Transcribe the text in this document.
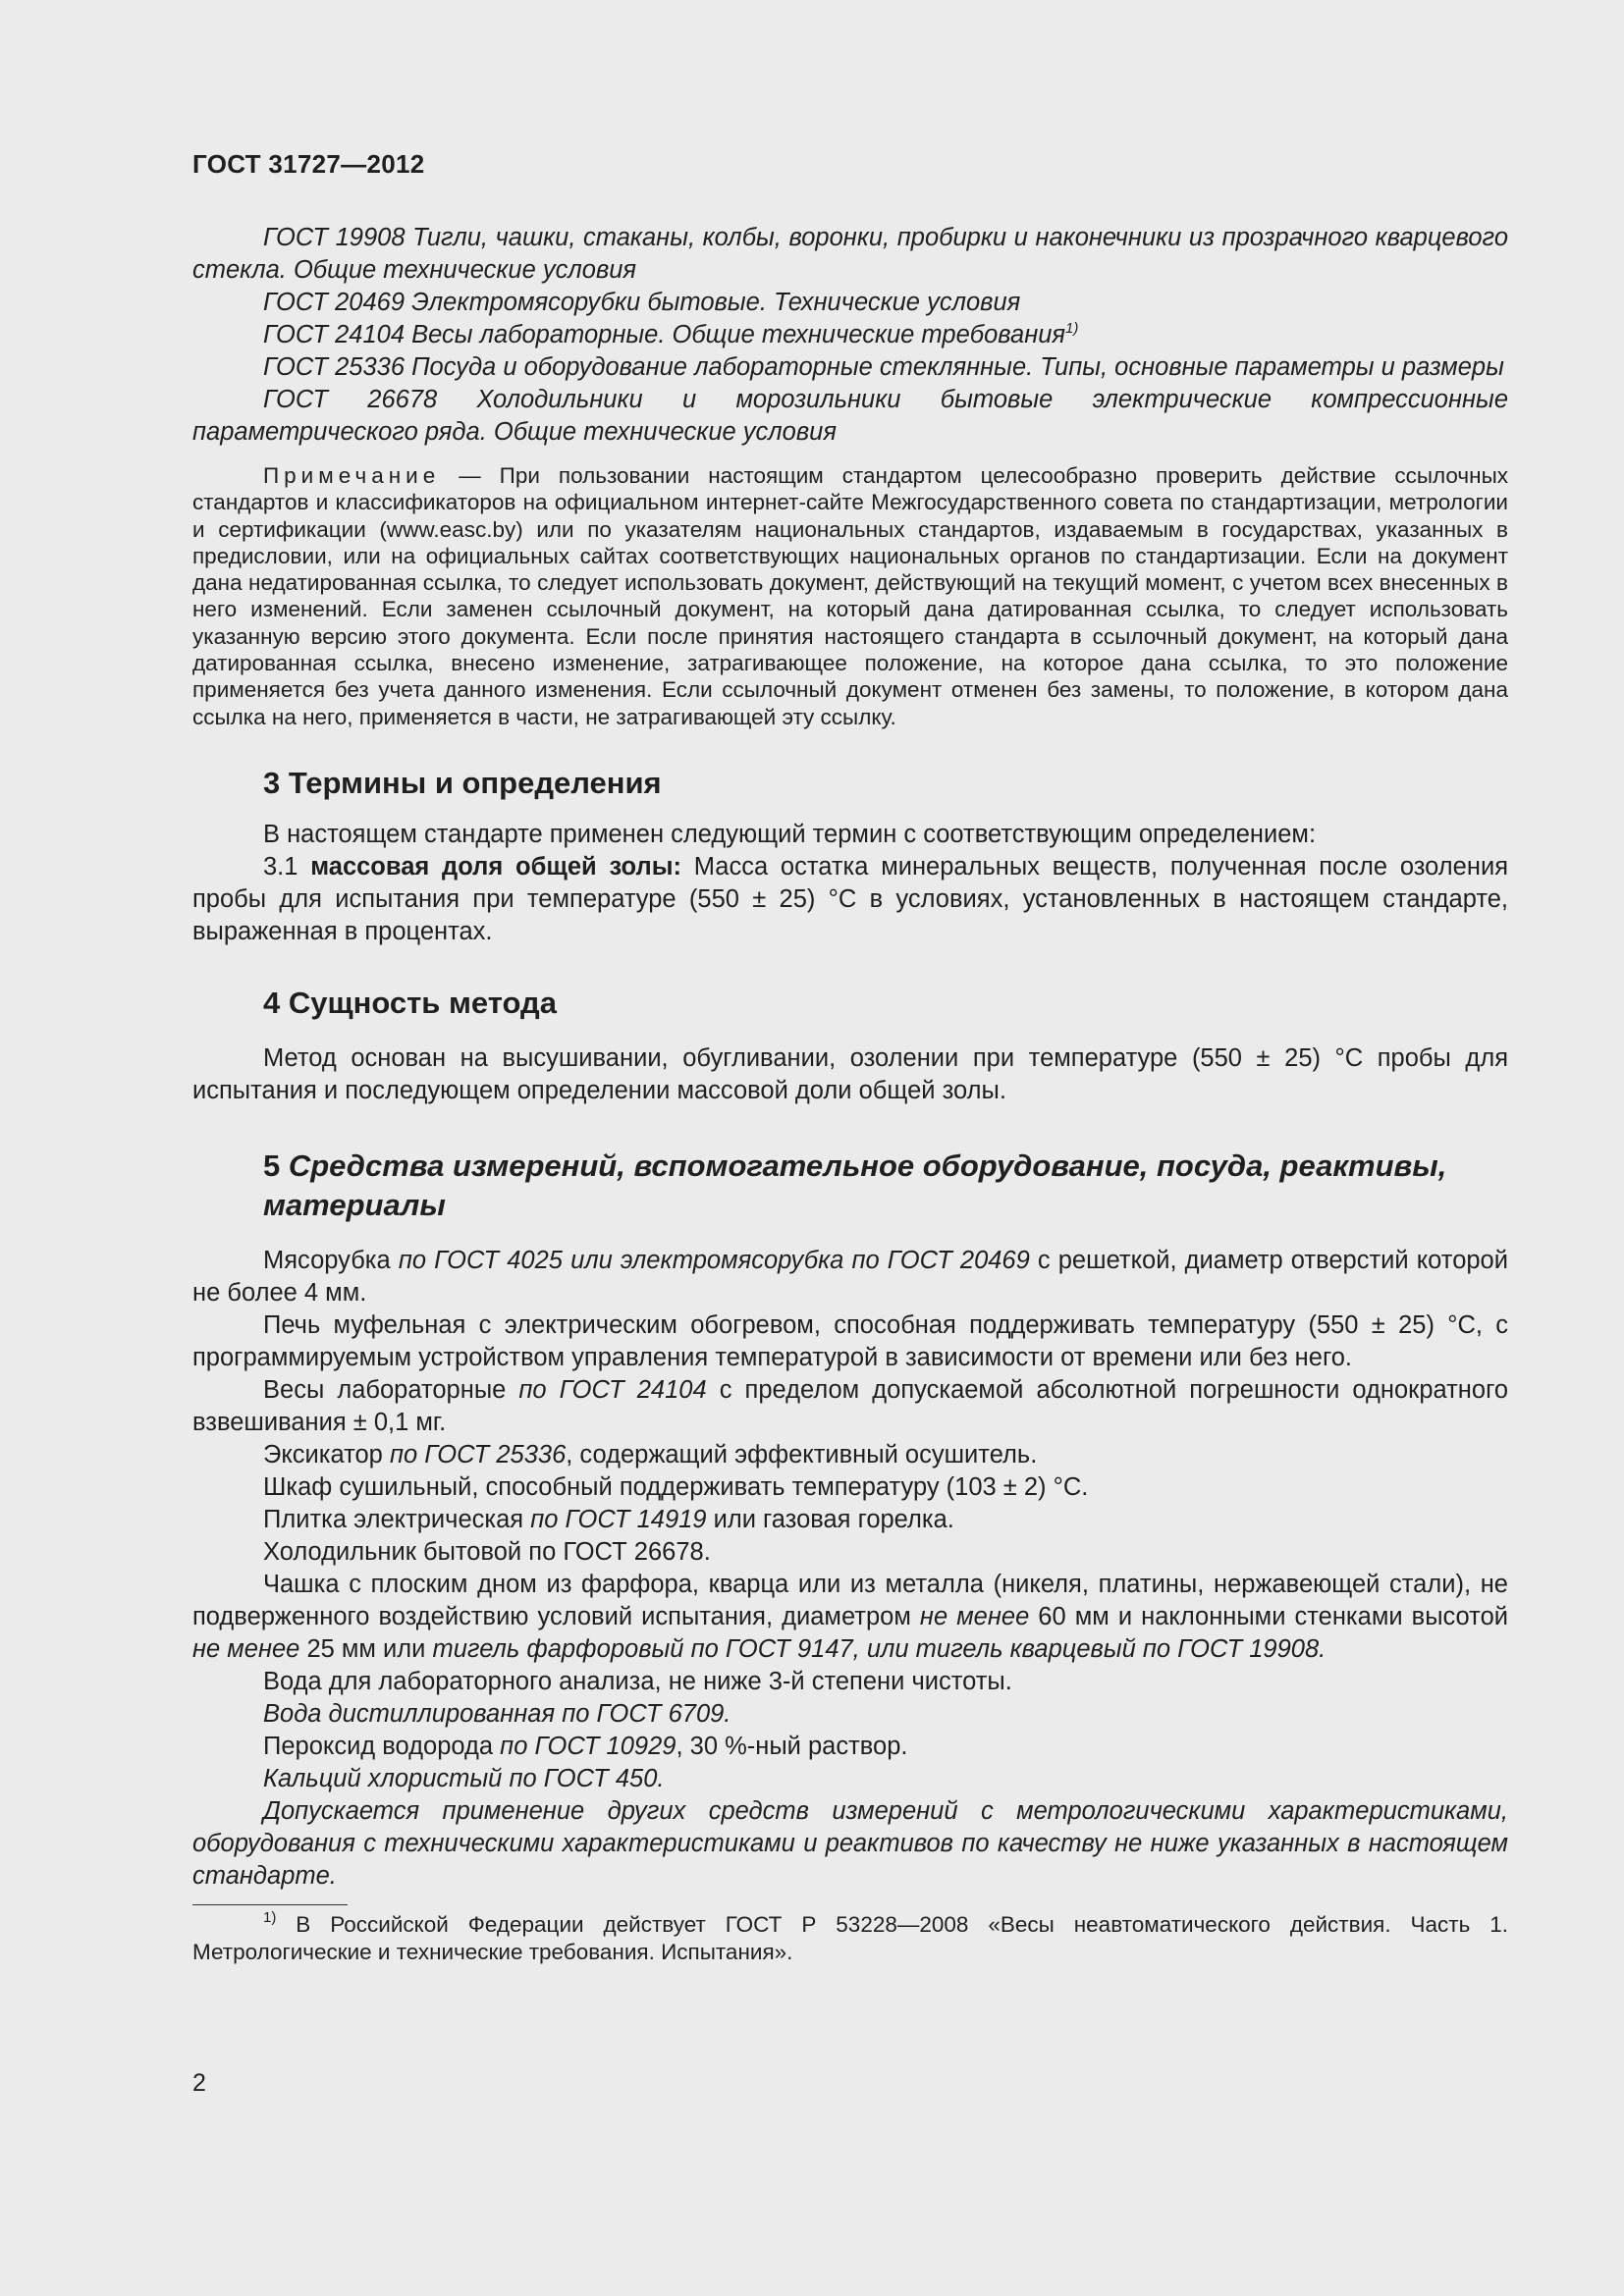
ГОСТ 31727—2012

ГОСТ 19908 Тигли, чашки, стаканы, колбы, воронки, пробирки и наконечники из прозрачного кварцевого стекла. Общие технические условия

ГОСТ 20469 Электромясорубки бытовые. Технические условия

ГОСТ 24104 Весы лабораторные. Общие технические требования$^{1)}$

ГОСТ 25336 Посуда и оборудование лабораторные стеклянные. Типы, основные параметры и размеры

ГОСТ 26678 Холодильники и морозильники бытовые электрические компрессионные параметрического ряда. Общие технические условия

Примечание — При пользовании настоящим стандартом целесообразно проверить действие ссылочных стандартов и классификаторов на официальном интернет-сайте Межгосударственного совета по стандартизации, метрологии и сертификации (www.easc.by) или по указателям национальных стандартов, издаваемым в государствах, указанных в предисловии, или на официальных сайтах соответствующих национальных органов по стандартизации. Если на документ дана недатированная ссылка, то следует использовать документ, действующий на текущий момент, с учетом всех внесенных в него изменений. Если заменен ссылочный документ, на который дана датированная ссылка, то следует использовать указанную версию этого документа. Если после принятия настоящего стандарта в ссылочный документ, на который дана датированная ссылка, внесено изменение, затрагивающее положение, на которое дана ссылка, то это положение применяется без учета данного изменения. Если ссылочный документ отменен без замены, то положение, в котором дана ссылка на него, применяется в части, не затрагивающей эту ссылку.

3 Термины и определения

В настоящем стандарте применен следующий термин с соответствующим определением:

3.1 массовая доля общей золы: Масса остатка минеральных веществ, полученная после озоления пробы для испытания при температуре (550 ± 25) °С в условиях, установленных в настоящем стандарте, выраженная в процентах.

4 Сущность метода

Метод основан на высушивании, обугливании, озолении при температуре (550 ± 25) °С пробы для испытания и последующем определении массовой доли общей золы.

5 Средства измерений, вспомогательное оборудование, посуда, реактивы, материалы

Мясорубка по ГОСТ 4025 или электромясорубка по ГОСТ 20469 с решеткой, диаметр отверстий которой не более 4 мм.

Печь муфельная с электрическим обогревом, способная поддерживать температуру (550 ± 25) °С, с программируемым устройством управления температурой в зависимости от времени или без него.

Весы лабораторные по ГОСТ 24104 с пределом допускаемой абсолютной погрешности однократного взвешивания ± 0,1 мг.

Эксикатор по ГОСТ 25336, содержащий эффективный осушитель.

Шкаф сушильный, способный поддерживать температуру (103 ± 2) °С.

Плитка электрическая по ГОСТ 14919 или газовая горелка.

Холодильник бытовой по ГОСТ 26678.

Чашка с плоским дном из фарфора, кварца или из металла (никеля, платины, нержавеющей стали), не подверженного воздействию условий испытания, диаметром не менее 60 мм и наклонными стенками высотой не менее 25 мм или тигель фарфоровый по ГОСТ 9147, или тигель кварцевый по ГОСТ 19908.

Вода для лабораторного анализа, не ниже 3-й степени чистоты.

Вода дистиллированная по ГОСТ 6709.

Пероксид водорода по ГОСТ 10929, 30 %-ный раствор.

Кальций хлористый по ГОСТ 450.

Допускается применение других средств измерений с метрологическими характеристиками, оборудования с техническими характеристиками и реактивов по качеству не ниже указанных в настоящем стандарте.

$^{1)}$ В Российской Федерации действует ГОСТ Р 53228—2008 «Весы неавтоматического действия. Часть 1. Метрологические и технические требования. Испытания».

2
